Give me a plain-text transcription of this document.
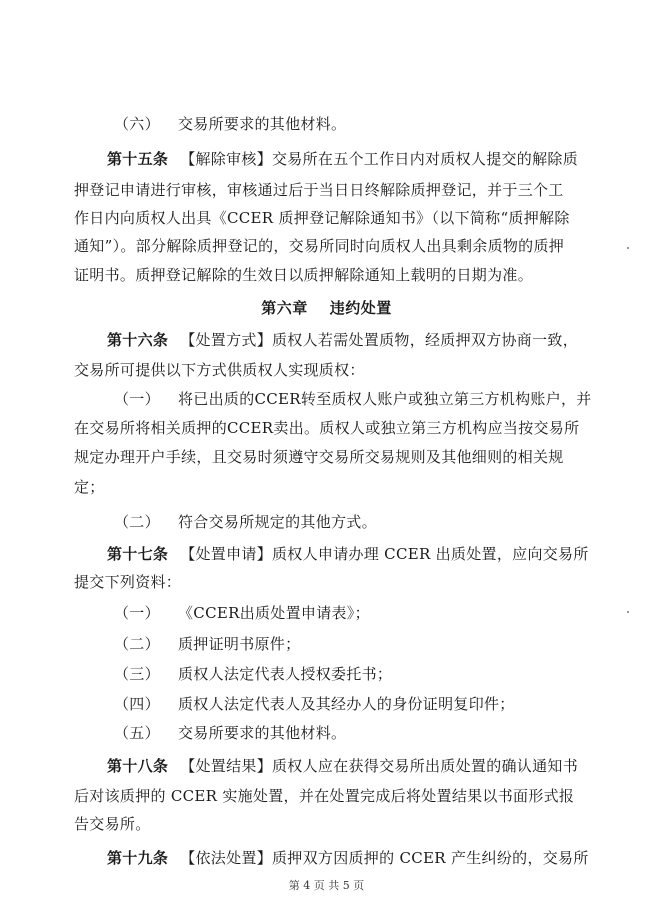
（六） 交易所要求的其他材料。
第十五条 【解除审核】交易所在五个工作日内对质权人提交的解除质
押登记申请进行审核，审核通过后于当日日终解除质押登记，并于三个工
作日内向质权人出具《CCER 质押登记解除通知书》（以下简称“质押解除
通知”）。部分解除质押登记的，交易所同时向质权人出具剩余质物的质押
证明书。质押登记解除的生效日以质押解除通知上载明的日期为准。
第六章 违约处置
第十六条 【处置方式】质权人若需处置质物，经质押双方协商一致，
交易所可提供以下方式供质权人实现质权：
（一） 将已出质的CCER转至质权人账户或独立第三方机构账户，并
在交易所将相关质押的CCER卖出。质权人或独立第三方机构应当按交易所
规定办理开户手续，且交易时须遵守交易所交易规则及其他细则的相关规
定；
（二） 符合交易所规定的其他方式。
第十七条 【处置申请】质权人申请办理 CCER 出质处置，应向交易所
提交下列资料：
（一） 《CCER出质处置申请表》；
（二） 质押证明书原件；
（三） 质权人法定代表人授权委托书；
（四） 质权人法定代表人及其经办人的身份证明复印件；
（五） 交易所要求的其他材料。
第十八条 【处置结果】质权人应在获得交易所出质处置的确认通知书
后对该质押的 CCER 实施处置，并在处置完成后将处置结果以书面形式报
告交易所。
第十九条 【依法处置】质押双方因质押的 CCER 产生纠纷的，交易所
第 4 页 共 5 页
